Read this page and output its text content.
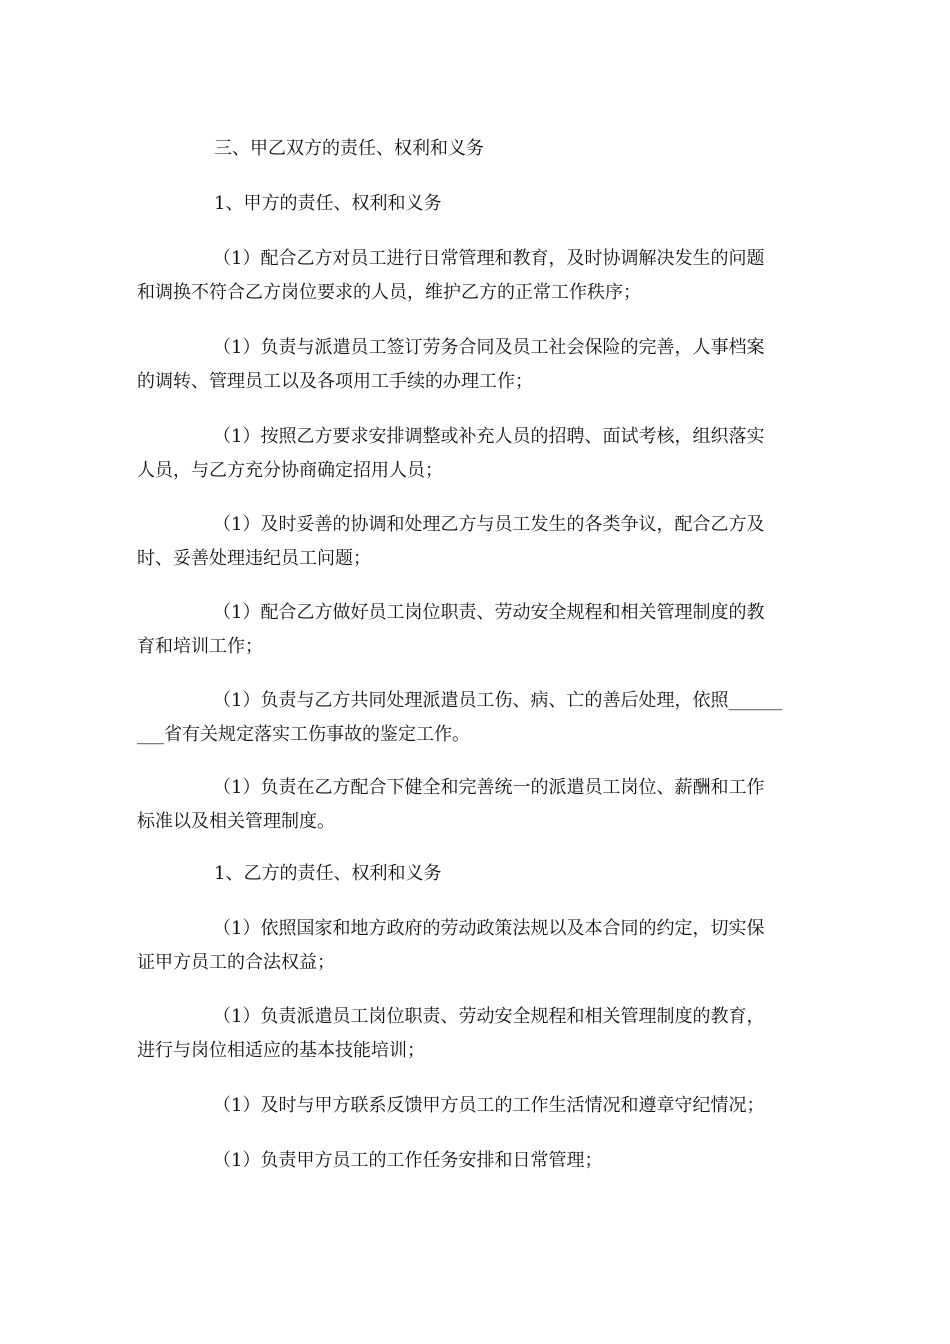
三、甲乙双方的责任、权利和义务

1、甲方的责任、权利和义务

（1）配合乙方对员工进行日常管理和教育，及时协调解决发生的问题
和调换不符合乙方岗位要求的人员，维护乙方的正常工作秩序；
（1）负责与派遣员工签订劳务合同及员工社会保险的完善，人事档案
的调转、管理员工以及各项用工手续的办理工作；
（1）按照乙方要求安排调整或补充人员的招聘、面试考核，组织落实
人员，与乙方充分协商确定招用人员；
（1）及时妥善的协调和处理乙方与员工发生的各类争议，配合乙方及
时、妥善处理违纪员工问题；
（1）配合乙方做好员工岗位职责、劳动安全规程和相关管理制度的教
育和培训工作；
（1）负责与乙方共同处理派遣员工伤、病、亡的善后处理，依照______
___省有关规定落实工伤事故的鉴定工作。
（1）负责在乙方配合下健全和完善统一的派遣员工岗位、薪酬和工作
标准以及相关管理制度。

1、乙方的责任、权利和义务

（1）依照国家和地方政府的劳动政策法规以及本合同的约定，切实保
证甲方员工的合法权益；
（1）负责派遣员工岗位职责、劳动安全规程和相关管理制度的教育，
进行与岗位相适应的基本技能培训；
（1）及时与甲方联系反馈甲方员工的工作生活情况和遵章守纪情况；
（1）负责甲方员工的工作任务安排和日常管理；
